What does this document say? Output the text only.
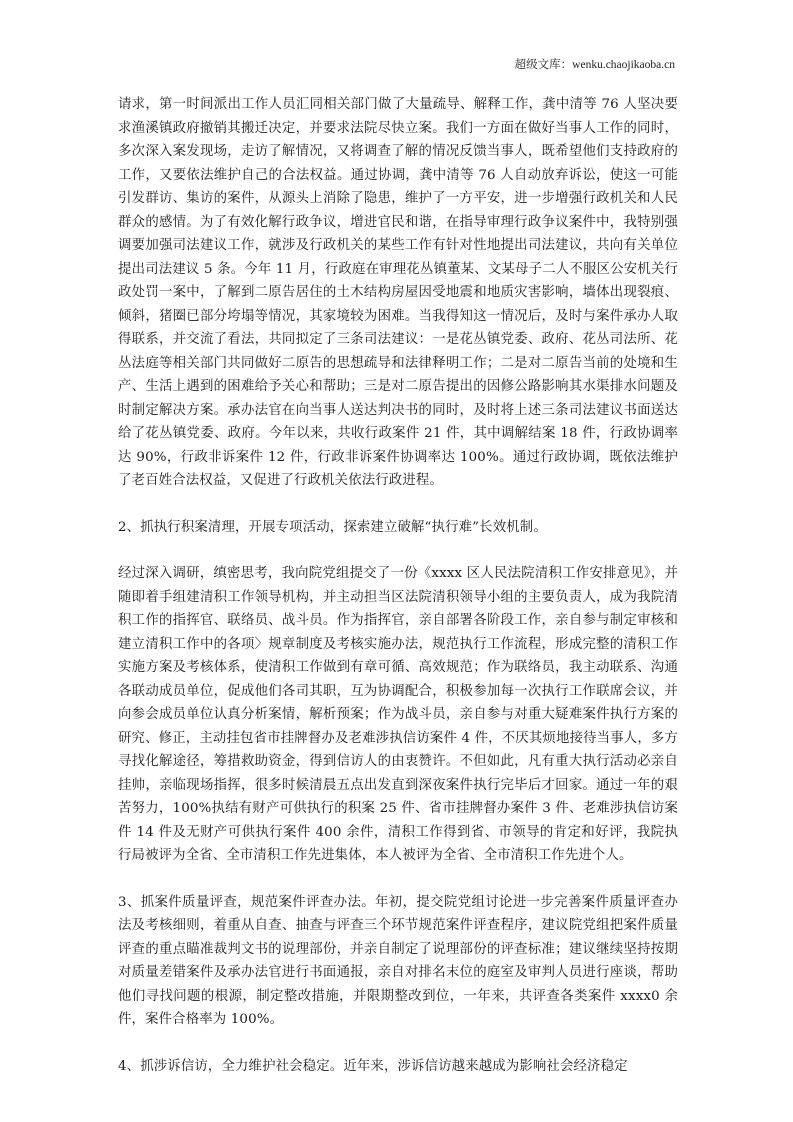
超级文库：wenku.chaojikaoba.cn

请求，第一时间派出工作人员汇同相关部门做了大量疏导、解释工作，龚中清等 76 人坚决要求渔溪镇政府撤销其搬迁决定，并要求法院尽快立案。我们一方面在做好当事人工作的同时，多次深入案发现场，走访了解情况，又将调查了解的情况反馈当事人，既希望他们支持政府的工作，又要依法维护自己的合法权益。通过协调，龚中清等 76 人自动放弃诉讼，使这一可能引发群访、集访的案件，从源头上消除了隐患，维护了一方平安，进一步增强行政机关和人民群众的感情。为了有效化解行政争议，增进官民和谐，在指导审理行政争议案件中，我特别强调要加强司法建议工作，就涉及行政机关的某些工作有针对性地提出司法建议，共向有关单位提出司法建议 5 条。今年 11 月，行政庭在审理花丛镇董某、文某母子二人不服区公安机关行政处罚一案中，了解到二原告居住的土木结构房屋因受地震和地质灾害影响，墙体出现裂痕、倾斜，猪圈已部分垮塌等情况，其家境较为困难。当我得知这一情况后，及时与案件承办人取得联系，并交流了看法，共同拟定了三条司法建议：一是花丛镇党委、政府、花丛司法所、花丛法庭等相关部门共同做好二原告的思想疏导和法律释明工作；二是对二原告当前的处境和生产、生活上遇到的困难给予关心和帮助；三是对二原告提出的因修公路影响其水渠排水问题及时制定解决方案。承办法官在向当事人送达判决书的同时，及时将上述三条司法建议书面送达给了花丛镇党委、政府。今年以来，共收行政案件 21 件，其中调解结案 18 件，行政协调率达 90%，行政非诉案件 12 件，行政非诉案件协调率达 100%。通过行政协调，既依法维护了老百姓合法权益，又促进了行政机关依法行政进程。

2、抓执行积案清理，开展专项活动，探索建立破解“执行难”长效机制。

经过深入调研，缜密思考，我向院党组提交了一份《xxxx 区人民法院清积工作安排意见》，并随即着手组建清积工作领导机构，并主动担当区法院清积领导小组的主要负责人，成为我院清积工作的指挥官、联络员、战斗员。作为指挥官，亲自部署各阶段工作，亲自参与制定审核和建立清积工作中的各项〉规章制度及考核实施办法，规范执行工作流程，形成完整的清积工作实施方案及考核体系，使清积工作做到有章可循、高效规范；作为联络员，我主动联系、沟通各联动成员单位，促成他们各司其职，互为协调配合，积极参加每一次执行工作联席会议，并向参会成员单位认真分析案情，解析预案；作为战斗员，亲自参与对重大疑难案件执行方案的研究、修正，主动挂包省市挂牌督办及老难涉执信访案件 4 件，不厌其烦地接待当事人，多方寻找化解途径，筹措救助资金，得到信访人的由衷赞许。不但如此，凡有重大执行活动必亲自挂帅，亲临现场指挥，很多时候清晨五点出发直到深夜案件执行完毕后才回家。通过一年的艰苦努力，100%执结有财产可供执行的积案 25 件、省市挂牌督办案件 3 件、老难涉执信访案件 14 件及无财产可供执行案件 400 余件，清积工作得到省、市领导的肯定和好评，我院执行局被评为全省、全市清积工作先进集体，本人被评为全省、全市清积工作先进个人。

3、抓案件质量评查，规范案件评查办法。年初，提交院党组讨论进一步完善案件质量评查办法及考核细则，着重从自查、抽查与评查三个环节规范案件评查程序，建议院党组把案件质量评查的重点瞄准裁判文书的说理部份，并亲自制定了说理部份的评查标准；建议继续坚持按期对质量差错案件及承办法官进行书面通报，亲自对排名末位的庭室及审判人员进行座谈，帮助他们寻找问题的根源，制定整改措施，并限期整改到位，一年来，共评查各类案件 xxxx0 余件，案件合格率为 100%。

4、抓涉诉信访，全力维护社会稳定。近年来，涉诉信访越来越成为影响社会经济稳定
